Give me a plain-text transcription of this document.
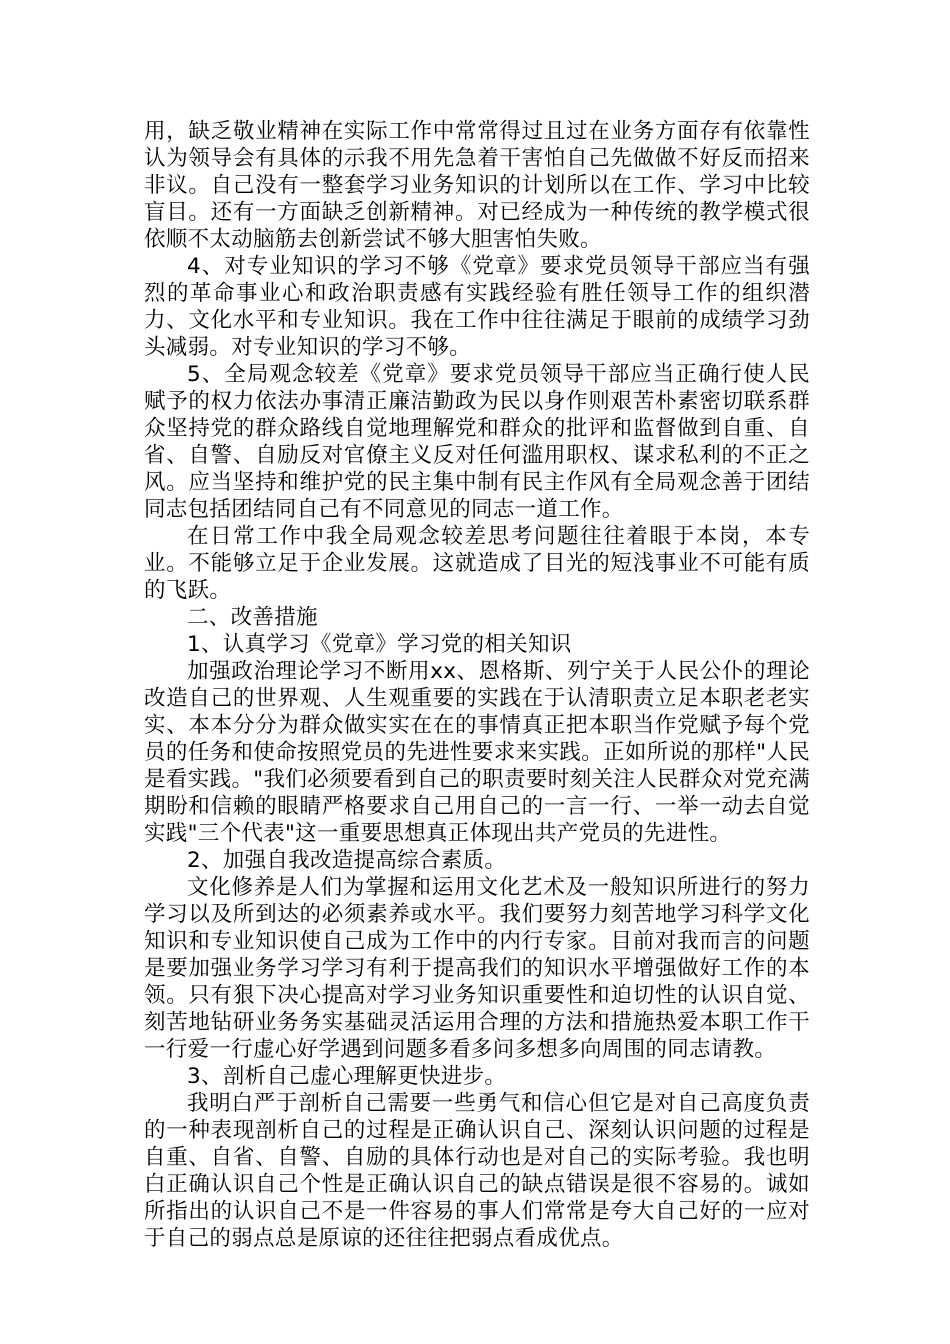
用，缺乏敬业精神在实际工作中常常得过且过在业务方面存有依靠性认为领导会有具体的示我不用先急着干害怕自己先做做不好反而招来非议。自己没有一整套学习业务知识的计划所以在工作、学习中比较盲目。还有一方面缺乏创新精神。对已经成为一种传统的教学模式很依顺不太动脑筋去创新尝试不够大胆害怕失败。

4、对专业知识的学习不够《党章》要求党员领导干部应当有强烈的革命事业心和政治职责感有实践经验有胜任领导工作的组织潜力、文化水平和专业知识。我在工作中往往满足于眼前的成绩学习劲头减弱。对专业知识的学习不够。

5、全局观念较差《党章》要求党员领导干部应当正确行使人民赋予的权力依法办事清正廉洁勤政为民以身作则艰苦朴素密切联系群众坚持党的群众路线自觉地理解党和群众的批评和监督做到自重、自省、自警、自励反对官僚主义反对任何滥用职权、谋求私利的不正之风。应当坚持和维护党的民主集中制有民主作风有全局观念善于团结同志包括团结同自己有不同意见的同志一道工作。

在日常工作中我全局观念较差思考问题往往着眼于本岗，本专业。不能够立足于企业发展。这就造成了目光的短浅事业不可能有质的飞跃。

二、改善措施

1、认真学习《党章》学习党的相关知识

加强政治理论学习不断用xx、恩格斯、列宁关于人民公仆的理论改造自己的世界观、人生观重要的实践在于认清职责立足本职老老实实、本本分分为群众做实实在在的事情真正把本职当作党赋予每个党员的任务和使命按照党员的先进性要求来实践。正如所说的那样"人民是看实践。"我们必须要看到自己的职责要时刻关注人民群众对党充满期盼和信赖的眼睛严格要求自己用自己的一言一行、一举一动去自觉实践"三个代表"这一重要思想真正体现出共产党员的先进性。

2、加强自我改造提高综合素质。

文化修养是人们为掌握和运用文化艺术及一般知识所进行的努力学习以及所到达的必须素养或水平。我们要努力刻苦地学习科学文化知识和专业知识使自己成为工作中的内行专家。目前对我而言的问题是要加强业务学习学习有利于提高我们的知识水平增强做好工作的本领。只有狠下决心提高对学习业务知识重要性和迫切性的认识自觉、刻苦地钻研业务务实基础灵活运用合理的方法和措施热爱本职工作干一行爱一行虚心好学遇到问题多看多问多想多向周围的同志请教。

3、剖析自己虚心理解更快进步。

我明白严于剖析自己需要一些勇气和信心但它是对自己高度负责的一种表现剖析自己的过程是正确认识自己、深刻认识问题的过程是自重、自省、自警、自励的具体行动也是对自己的实际考验。我也明白正确认识自己个性是正确认识自己的缺点错误是很不容易的。诚如所指出的认识自己不是一件容易的事人们常常是夸大自己好的一应对于自己的弱点总是原谅的还往往把弱点看成优点。
